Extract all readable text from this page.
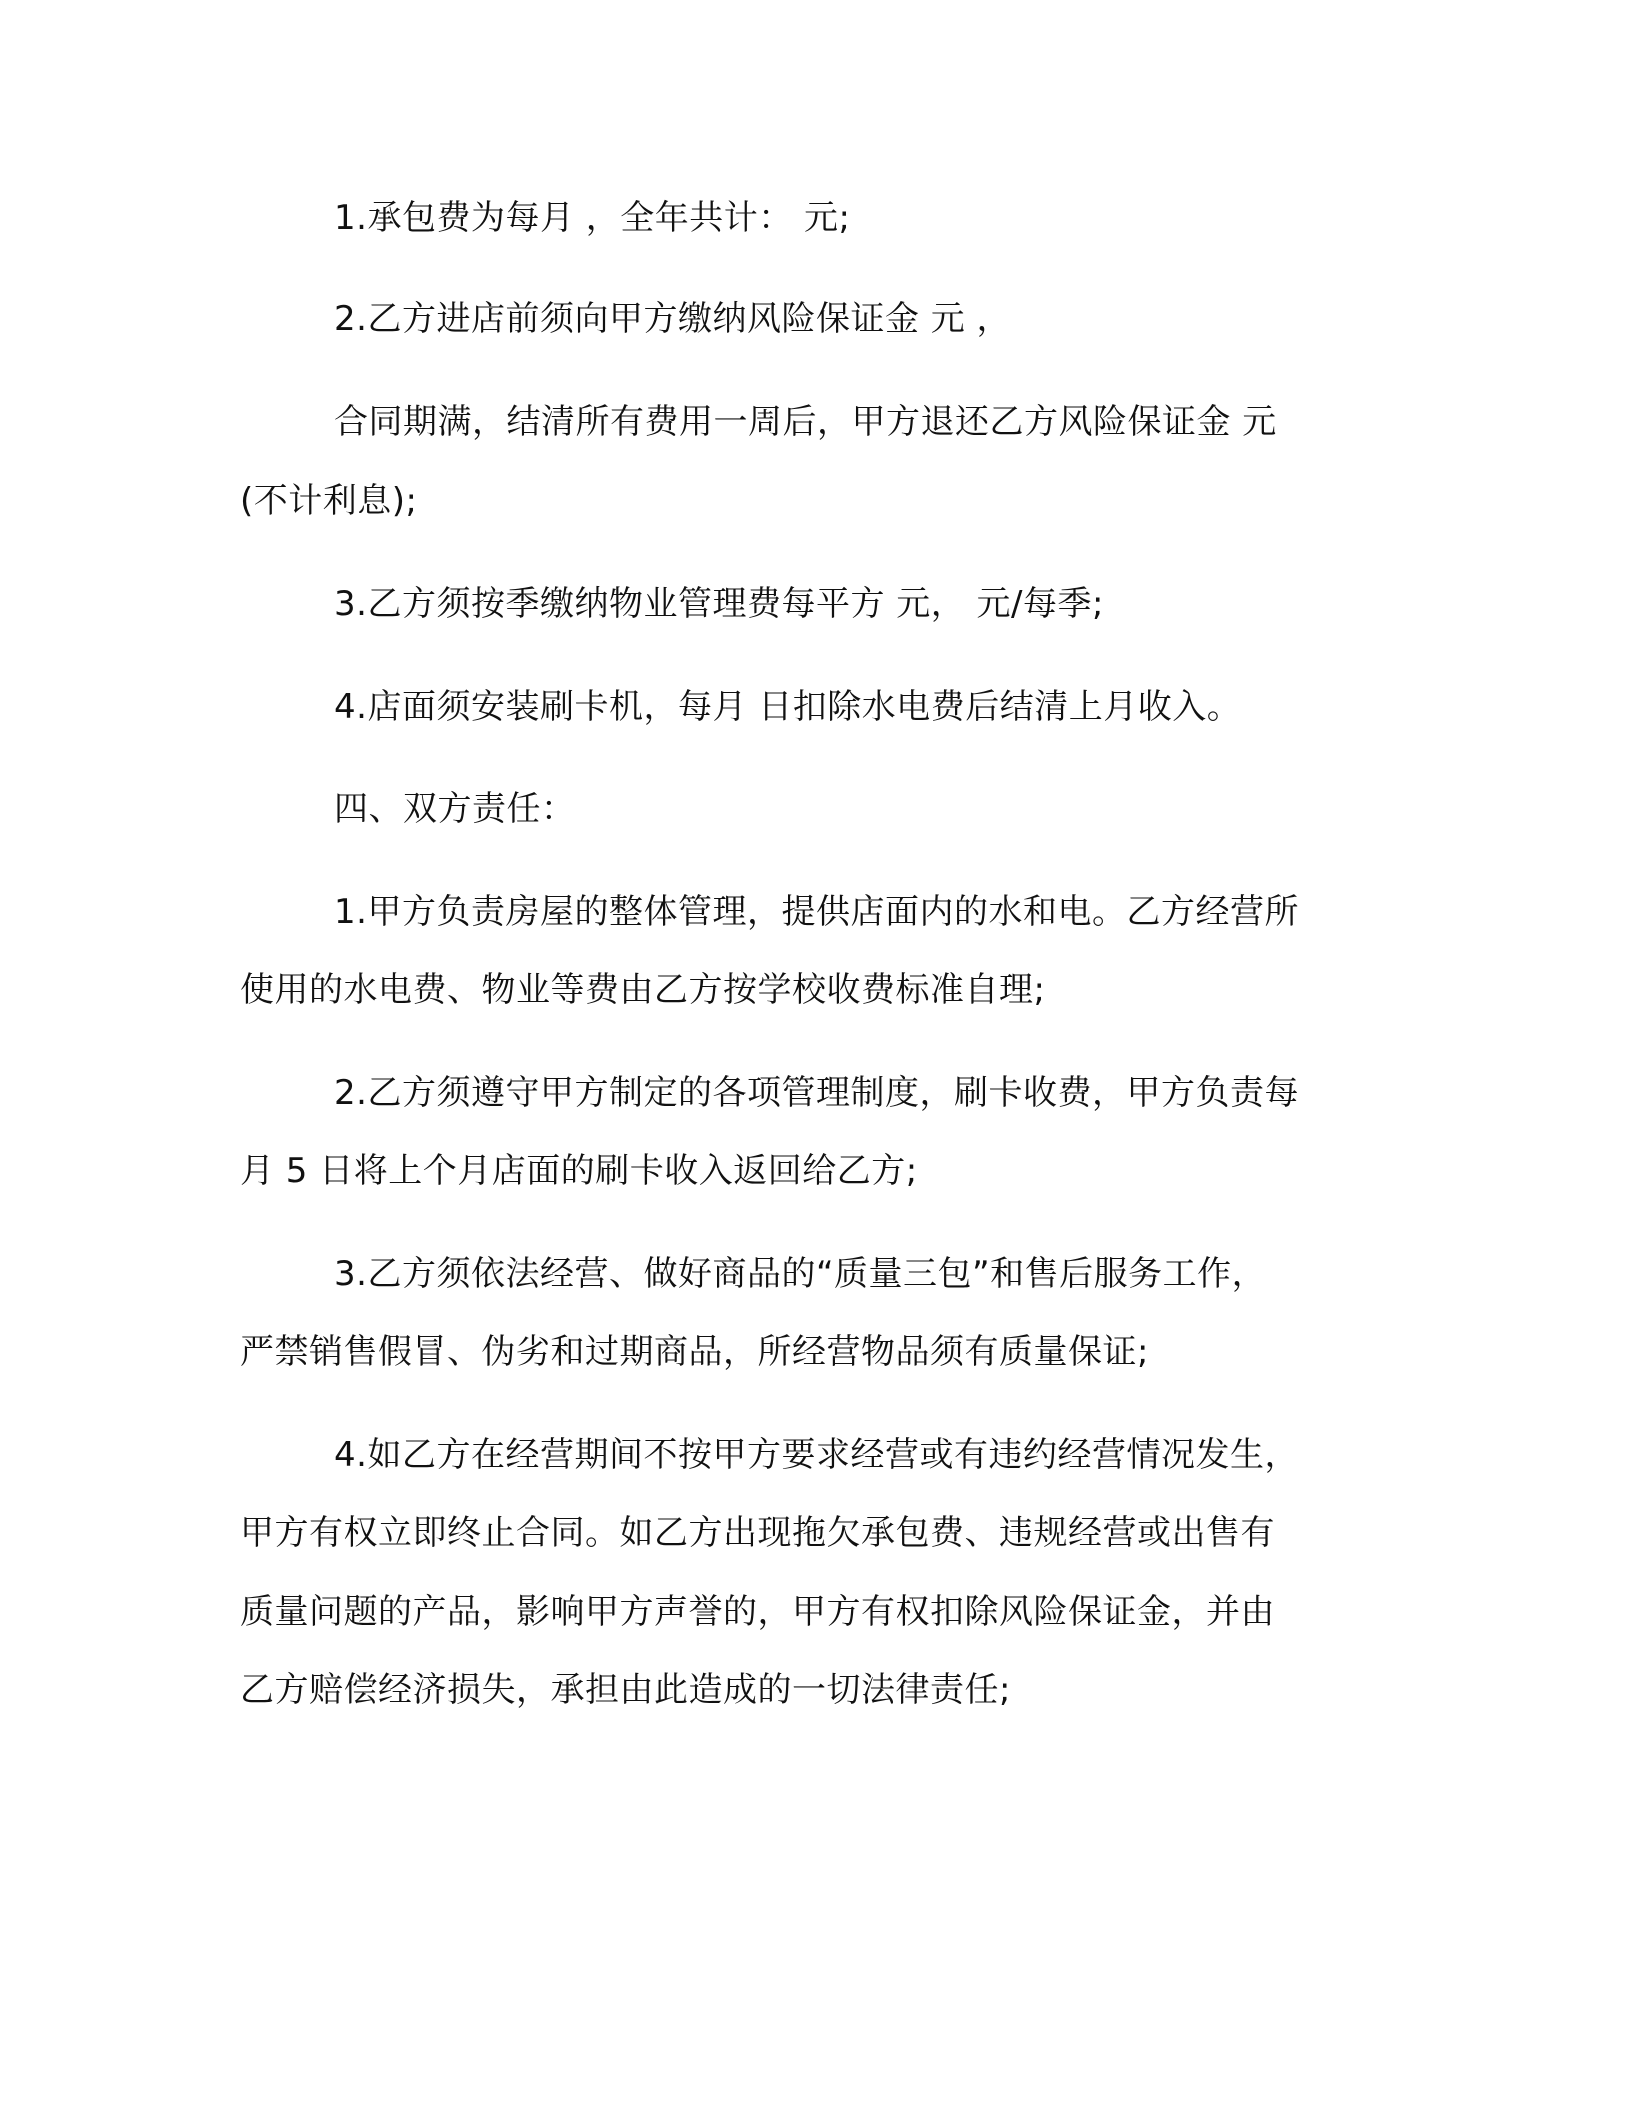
1.承包费为每月 ，全年共计： 元;

2.乙方进店前须向甲方缴纳风险保证金 元 ，

合同期满，结清所有费用一周后，甲方退还乙方风险保证金 元

(不计利息);

3.乙方须按季缴纳物业管理费每平方 元， 元/每季;

4.店面须安装刷卡机，每月 日扣除水电费后结清上月收入。

四、双方责任：

1.甲方负责房屋的整体管理，提供店面内的水和电。乙方经营所

使用的水电费、物业等费由乙方按学校收费标准自理;

2.乙方须遵守甲方制定的各项管理制度，刷卡收费，甲方负责每

月 5 日将上个月店面的刷卡收入返回给乙方;

3.乙方须依法经营、做好商品的“质量三包”和售后服务工作，

严禁销售假冒、伪劣和过期商品，所经营物品须有质量保证;

4.如乙方在经营期间不按甲方要求经营或有违约经营情况发生，

甲方有权立即终止合同。如乙方出现拖欠承包费、违规经营或出售有

质量问题的产品，影响甲方声誉的，甲方有权扣除风险保证金，并由

乙方赔偿经济损失，承担由此造成的一切法律责任;
